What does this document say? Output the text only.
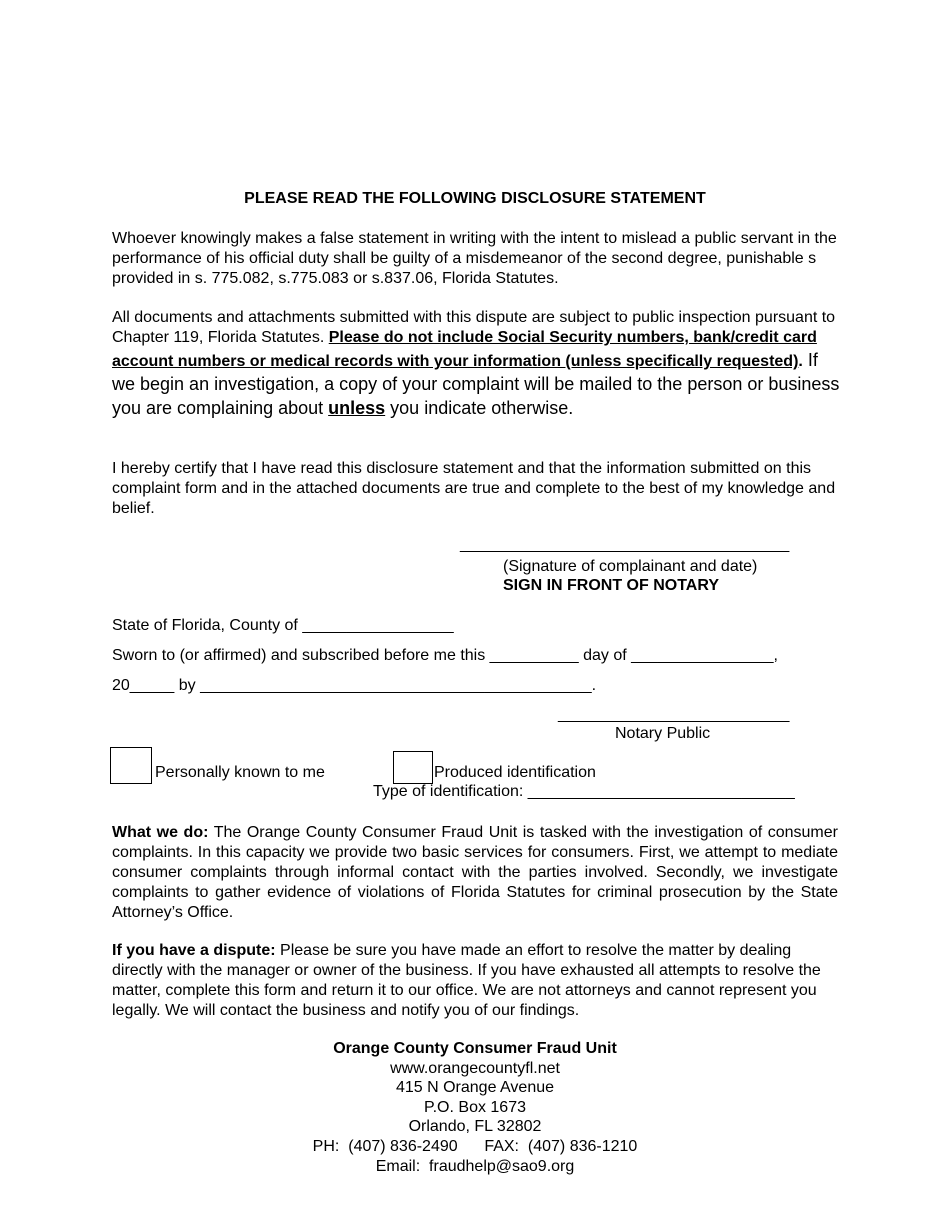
PLEASE READ THE FOLLOWING DISCLOSURE STATEMENT
Whoever knowingly makes a false statement in writing with the intent to mislead a public servant in the performance of his official duty shall be guilty of a misdemeanor of the second degree, punishable s provided in s. 775.082, s.775.083 or s.837.06, Florida Statutes.
All documents and attachments submitted with this dispute are subject to public inspection pursuant to Chapter 119, Florida Statutes. Please do not include Social Security numbers, bank/credit card account numbers or medical records with your information (unless specifically requested). If we begin an investigation, a copy of your complaint will be mailed to the person or business you are complaining about unless you indicate otherwise.
I hereby certify that I have read this disclosure statement and that the information submitted on this complaint form and in the attached documents are true and complete to the best of my knowledge and belief.
_____________________________________
(Signature of complainant and date)
SIGN IN FRONT OF NOTARY
State of Florida, County of _________________
Sworn to (or affirmed) and subscribed before me this __________ day of ________________,
20_____ by ____________________________________________.
__________________________
Notary Public
Personally known to me	Produced identification
Type of identification: ______________________________
What we do: The Orange County Consumer Fraud Unit is tasked with the investigation of consumer complaints. In this capacity we provide two basic services for consumers. First, we attempt to mediate consumer complaints through informal contact with the parties involved. Secondly, we investigate complaints to gather evidence of violations of Florida Statutes for criminal prosecution by the State Attorney’s Office.
If you have a dispute: Please be sure you have made an effort to resolve the matter by dealing directly with the manager or owner of the business. If you have exhausted all attempts to resolve the matter, complete this form and return it to our office. We are not attorneys and cannot represent you legally. We will contact the business and notify you of our findings.
Orange County Consumer Fraud Unit
www.orangecountyfl.net
415 N Orange Avenue
P.O. Box 1673
Orlando, FL 32802
PH:  (407) 836-2490      FAX:  (407) 836-1210
Email:  fraudhelp@sao9.org
